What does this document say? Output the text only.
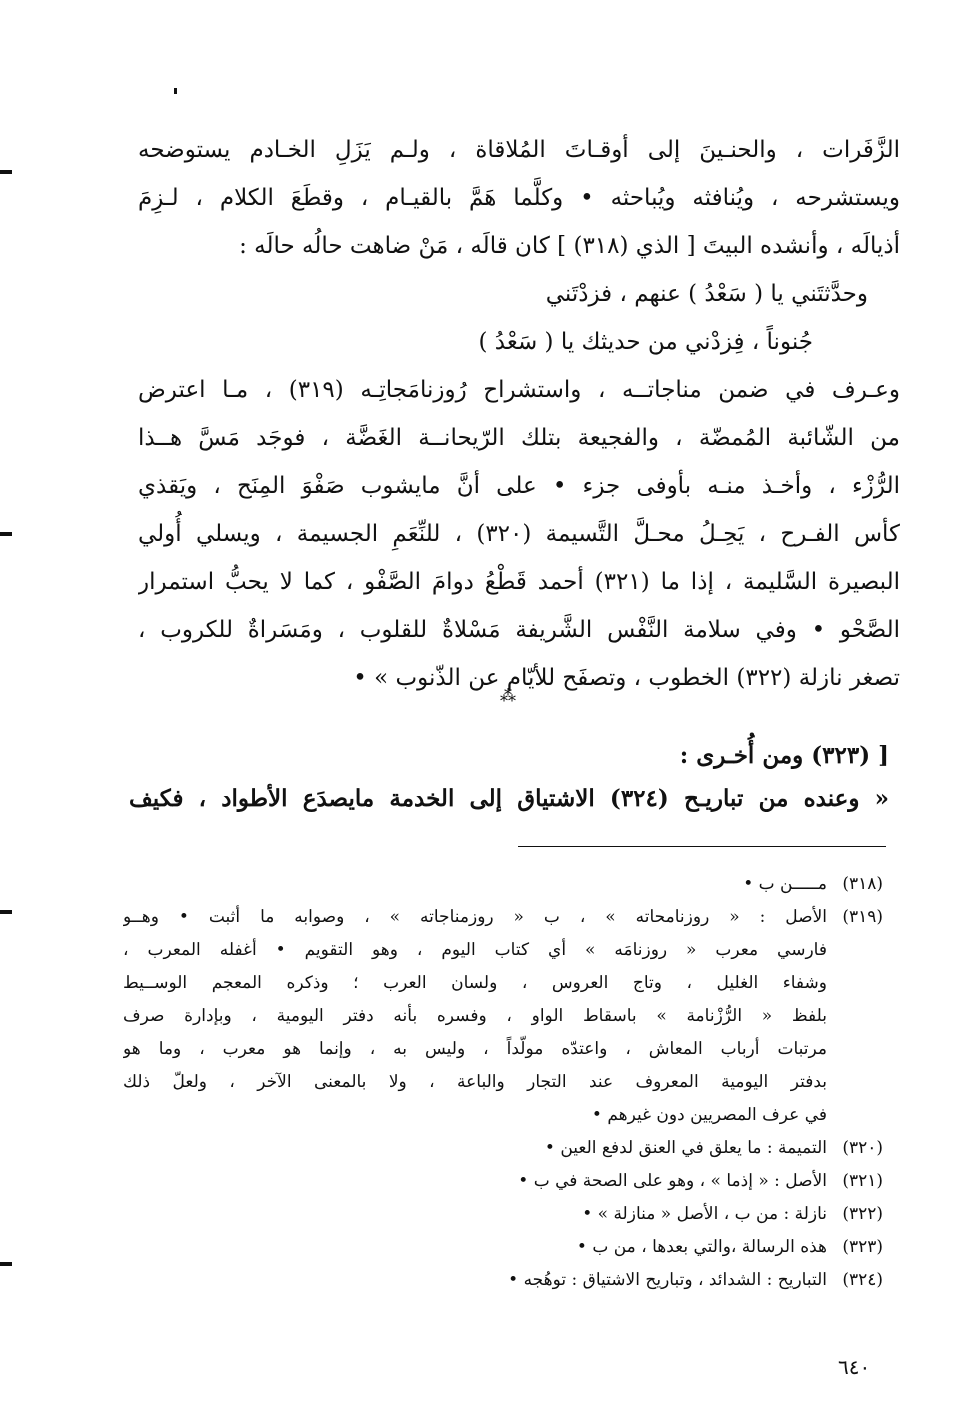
الزَّفَرات ، والحنـينَ إلى أوقـاتَ المُلاقاة ، ولـم يَزَلِ الخـادم يستوضحه
ويستشرحه ، ويُنافثه ويُباحثه • وكلَّما هَمَّ بالقيـام ، وقطَعَ الكلام ، لـزِمَ
أذيالَه ، وأنشده البيتَ [ الذي (٣١٨) ] كان قالَه ، مَنْ ضاهت حالُه حالَه :
وحدَّثتَني يا ( سَعْدُ ) عنهم ، فزدْتَني
جُنوناً ، فِزدْني من حديثك يا ( سَعْدُ )
وعـرف في ضمن مناجاتــه ، واستشراح رُوزنامَجاتِـه (٣١٩) ، مـا اعترض
من الشّائبة المُمضّة ، والفجيعة بتلك الرّيحانــة الغَضَّة ، فوجَد مَسَّ هــذا
الرُّزْء ، وأخـذ منـه بأوفى جزء • على أنَّ مايشوب صَفْوَ المِنَح ، ويَقذي
كأس الفـرح ، يَحِـلُ محـلَّ التَّسيمة (٣٢٠) ، للنِّعَمِ الجسيمة ، ويسلي أُولي
البصيرة السَّليمة ، إذا ما (٣٢١) أحمد قَطْعُ دوامَ الصَّفْو ، كما لا يحبُّ استمرار
الصَّحْو • وفي سلامة النَّفْس الشَّريفة مَسْلاةٌ للقلوب ، ومَسَراةٌ للكروب ،
تصغر نازلة (٣٢٢) الخطوب ، وتصفَح للأيّام عن الذّنوب » •
⁂
[ (٣٢٣) ومن أُخـرى :
« وعنده من تباريـح (٣٢٤) الاشتياق إلى الخدمة مايصدَع الأطواد ، فكيف
(٣١٨)
مـــــن ب •
(٣١٩)
الأصل : « روزنامحاته » ، ب « روزمناجاته » ، وصوابه ما أثبت • وهــو
فارسي معرب « روزنامَه » أي كتاب اليوم ، وهو التقويم • أغفله المعرب ،
وشفاء الغليل ، وتاج العروس ، ولسان العرب ؛ وذكره المعجم الوســيط
بلفظ « الرُّزْنامة » باسقاط الواو ، وفسره بأنه دفتر اليومية ، وبإدارة صرف
مرتبات أرباب المعاش ، واعتدّه مولّداً ، وليس به ، وإنما هو معرب ، وما هو
بدفتر اليومية المعروف عند التجار والباعة ، ولا بالمعنى الآخر ، ولعلّ ذلك
في عرف المصريين دون غيرهم •
(٣٢٠)
التميمة : ما يعلق في العنق لدفع العين •
(٣٢١)
الأصل : « إذما » ، وهو على الصحة في ب •
(٣٢٢)
نازلة : من ب ، الأصل « منازلة » •
(٣٢٣)
هذه الرسالة ،والتي بعدها ، من ب •
(٣٢٤)
التباريح : الشدائد ، وتباريح الاشتياق : توهُجه •
٦٤٠
